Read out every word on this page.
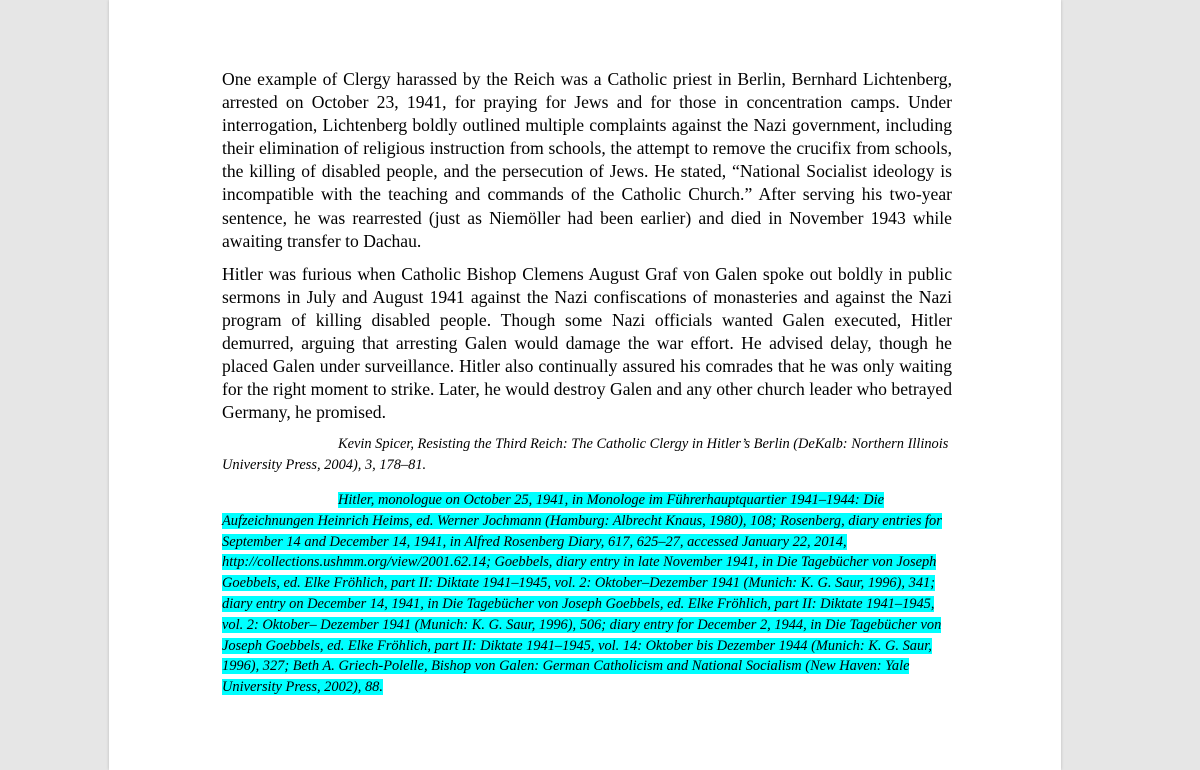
One example of Clergy harassed by the Reich was a Catholic priest in Berlin, Bernhard Lichtenberg, arrested on October 23, 1941, for praying for Jews and for those in concentration camps. Under interrogation, Lichtenberg boldly outlined multiple complaints against the Nazi government, including their elimination of religious instruction from schools, the attempt to remove the crucifix from schools, the killing of disabled people, and the persecution of Jews. He stated, “National Socialist ideology is incompatible with the teaching and commands of the Catholic Church.” After serving his two-year sentence, he was rearrested (just as Niemöller had been earlier) and died in November 1943 while awaiting transfer to Dachau.

Hitler was furious when Catholic Bishop Clemens August Graf von Galen spoke out boldly in public sermons in July and August 1941 against the Nazi confiscations of monasteries and against the Nazi program of killing disabled people. Though some Nazi officials wanted Galen executed, Hitler demurred, arguing that arresting Galen would damage the war effort. He advised delay, though he placed Galen under surveillance. Hitler also continually assured his comrades that he was only waiting for the right moment to strike. Later, he would destroy Galen and any other church leader who betrayed Germany, he promised.

Kevin Spicer, Resisting the Third Reich: The Catholic Clergy in Hitler’s Berlin (DeKalb: Northern Illinois University Press, 2004), 3, 178–81.

Hitler, monologue on October 25, 1941, in Monologe im Führerhauptquartier 1941–1944: Die Aufzeichnungen Heinrich Heims, ed. Werner Jochmann (Hamburg: Albrecht Knaus, 1980), 108; Rosenberg, diary entries for September 14 and December 14, 1941, in Alfred Rosenberg Diary, 617, 625–27, accessed January 22, 2014, http://collections.ushmm.org/view/2001.62.14; Goebbels, diary entry in late November 1941, in Die Tagebücher von Joseph Goebbels, ed. Elke Fröhlich, part II: Diktate 1941–1945, vol. 2: Oktober–Dezember 1941 (Munich: K. G. Saur, 1996), 341; diary entry on December 14, 1941, in Die Tagebücher von Joseph Goebbels, ed. Elke Fröhlich, part II: Diktate 1941–1945, vol. 2: Oktober– Dezember 1941 (Munich: K. G. Saur, 1996), 506; diary entry for December 2, 1944, in Die Tagebücher von Joseph Goebbels, ed. Elke Fröhlich, part II: Diktate 1941–1945, vol. 14: Oktober bis Dezember 1944 (Munich: K. G. Saur, 1996), 327; Beth A. Griech-Polelle, Bishop von Galen: German Catholicism and National Socialism (New Haven: Yale University Press, 2002), 88.
